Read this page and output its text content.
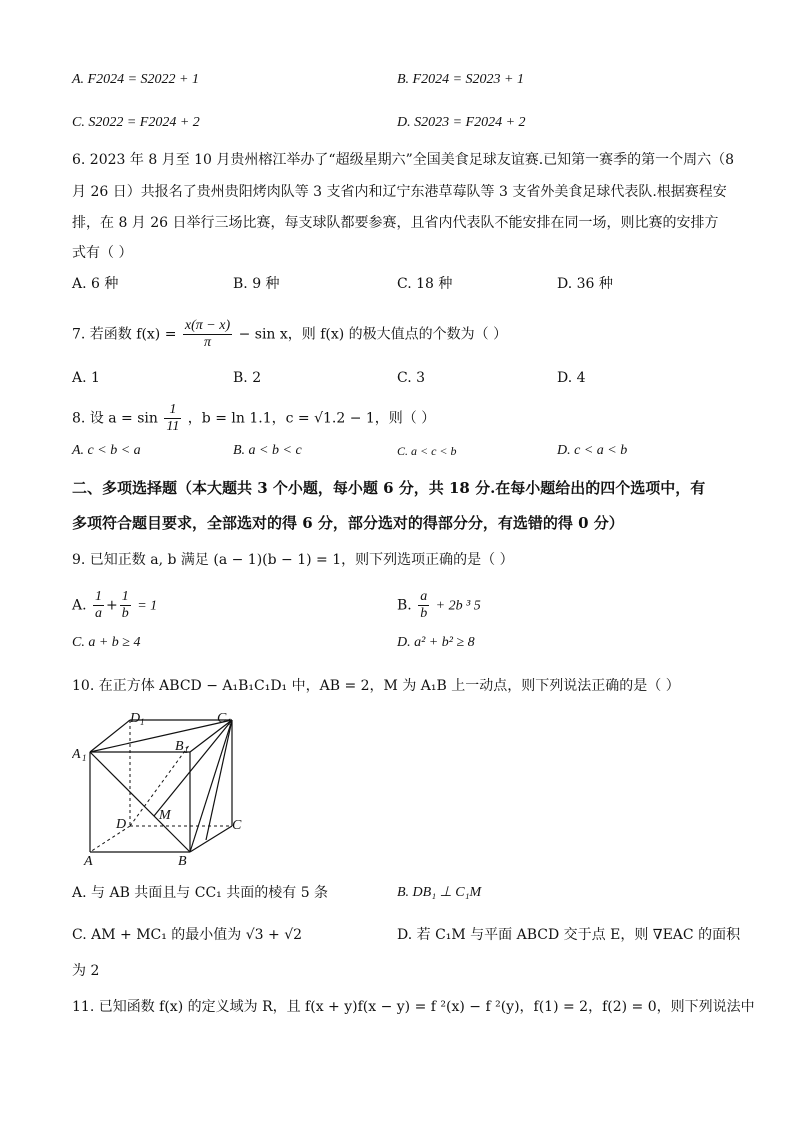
A. F2024 = S2022 + 1	B. F2024 = S2023 + 1
C. S2022 = F2024 + 2	D. S2023 = F2024 + 2
6. 2023 年 8 月至 10 月贵州榕江举办了“超级星期六”全国美食足球友谊赛.已知第一赛季的第一个周六（8
月 26 日）共报名了贵州贵阳烤肉队等 3 支省内和辽宁东港草莓队等 3 支省外美食足球代表队.根据赛程安
排，在 8 月 26 日举行三场比赛，每支球队都要参赛，且省内代表队不能安排在同一场，则比赛的安排方
式有（ ）
A. 6 种	B. 9 种	C. 18 种	D. 36 种
7. 若函数 $f(x) = \frac{x(\pi - x)}{\pi} - \sin x$，则 f(x) 的极大值点的个数为（ ）
A. 1	B. 2	C. 3	D. 4
8. 设 $a = \sin \frac{1}{11}$ ，b = ln 1.1，c = √1.2 − 1，则（ ）
A. c < b < a	B. a < b < c	C. a < c < b	D. c < a < b
二、多项选择题（本大题共 3 个小题，每小题 6 分，共 18 分.在每小题给出的四个选项中，有
多项符合题目要求，全部选对的得 6 分，部分选对的得部分分，有选错的得 0 分）
9. 已知正数 a, b 满足 (a − 1)(b − 1) = 1，则下列选项正确的是（ ）
A. $\frac{1}{a} + \frac{1}{b} = 1$	B. $\frac{a}{b} + 2b$ ³ 5
C. a + b ≥ 4	D. a² + b² ≥ 8
10. 在正方体 ABCD − A₁B₁C₁D₁ 中，AB = 2，M 为 A₁B 上一动点，则下列说法正确的是（ ）
D 1	C 1
A 1
B 1
D	C
A	B
M
A. 与 AB 共面且与 CC₁ 共面的棱有 5 条	B. DB₁ ⊥ C₁M
C. AM + MC₁ 的最小值为 √3 + √2	D. 若 C₁M 与平面 ABCD 交于点 E，则 ∇EAC 的面积
为 2
11. 已知函数 f(x) 的定义域为 R，且 f(x + y)f(x − y) = f ²(x) − f ²(y)，f(1) = 2，f(2) = 0，则下列说法中
